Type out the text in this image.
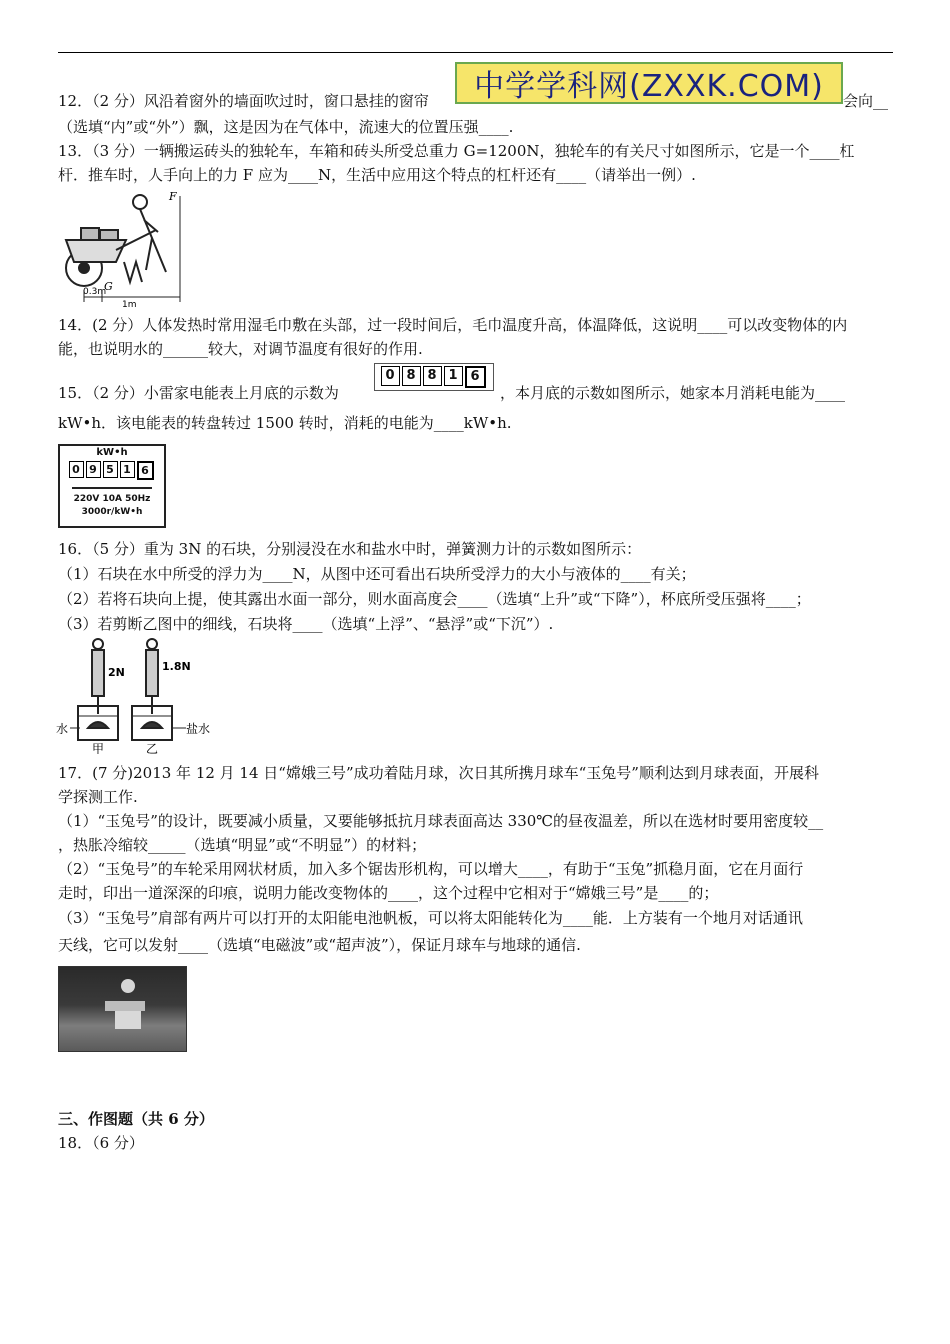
中学学科网(ZXXK.COM)
12．（2 分）风沿着窗外的墙面吹过时，窗口悬挂的窗帘	会向__
（选填“内”或“外”）飘，这是因为在气体中，流速大的位置压强____.
13．（3 分）一辆搬运砖头的独轮车，车箱和砖头所受总重力 G=1200N，独轮车的有关尺寸如图所示，它是一个____杠
杆．推车时，人手向上的力 F 应为____N，生活中应用这个特点的杠杆还有____（请举出一例）.
F
G
0.3m
1m
14．(2 分）人体发热时常用湿毛巾敷在头部，过一段时间后，毛巾温度升高，体温降低，这说明____可以改变物体的内
能，也说明水的______较大，对调节温度有很好的作用.
15．（2 分）小雷家电能表上月底的示数为
0 8 8 1 6
，本月底的示数如图所示，她家本月消耗电能为____
kW•h．该电能表的转盘转过 1500 转时，消耗的电能为____kW•h.
kW•h
0 9 5 1 6
220V 10A 50Hz
3000r/kW•h
16．（5 分）重为 3N 的石块，分别浸没在水和盐水中时，弹簧测力计的示数如图所示：
（1）石块在水中所受的浮力为____N，从图中还可看出石块所受浮力的大小与液体的____有关；
（2）若将石块向上提，使其露出水面一部分，则水面高度会____（选填“上升”或“下降”），杯底所受压强将____；
（3）若剪断乙图中的细线，石块将____（选填“上浮”、“悬浮”或“下沉”）.
2N	1.8N
水	盐水
甲	乙
17．(7 分)2013 年 12 月 14 日“嫦娥三号”成功着陆月球，次日其所携月球车“玉兔号”顺利达到月球表面，开展科
学探测工作.
（1）“玉兔号”的设计，既要减小质量，又要能够抵抗月球表面高达 330℃的昼夜温差，所以在选材时要用密度较__
，热胀冷缩较_____（选填“明显”或“不明显”）的材料；
（2）“玉兔号”的车轮采用网状材质，加入多个锯齿形机构，可以增大____，有助于“玉兔”抓稳月面，它在月面行
走时，印出一道深深的印痕，说明力能改变物体的____，这个过程中它相对于“嫦娥三号”是____的；
（3）“玉兔号”肩部有两片可以打开的太阳能电池帆板，可以将太阳能转化为____能．上方装有一个地月对话通讯
天线，它可以发射____（选填“电磁波”或“超声波”），保证月球车与地球的通信.
三、作图题（共 6 分）
18．（6 分）
